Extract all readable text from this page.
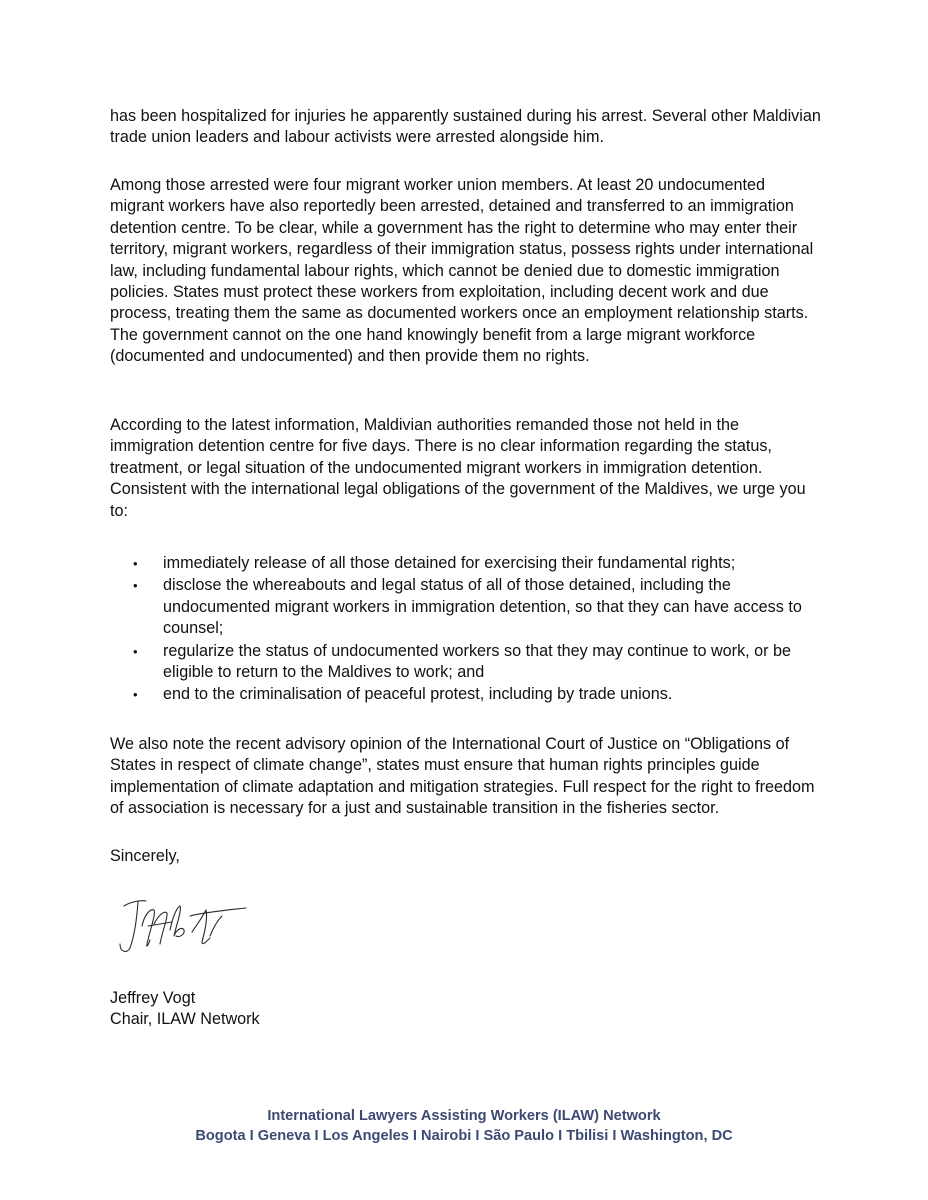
has been hospitalized for injuries he apparently sustained during his arrest. Several other Maldivian trade union leaders and labour activists were arrested alongside him.

Among those arrested were four migrant worker union members. At least 20 undocumented migrant workers have also reportedly been arrested, detained and transferred to an immigration detention centre. To be clear, while a government has the right to determine who may enter their territory, migrant workers, regardless of their immigration status, possess rights under international law, including fundamental labour rights, which cannot be denied due to domestic immigration policies. States must protect these workers from exploitation, including decent work and due process, treating them the same as documented workers once an employment relationship starts. The government cannot on the one hand knowingly benefit from a large migrant workforce (documented and undocumented) and then provide them no rights.

According to the latest information, Maldivian authorities remanded those not held in the immigration detention centre for five days. There is no clear information regarding the status, treatment, or legal situation of the undocumented migrant workers in immigration detention. Consistent with the international legal obligations of the government of the Maldives, we urge you to:

• immediately release of all those detained for exercising their fundamental rights;
• disclose the whereabouts and legal status of all of those detained, including the undocumented migrant workers in immigration detention, so that they can have access to counsel;
• regularize the status of undocumented workers so that they may continue to work, or be eligible to return to the Maldives to work; and
• end to the criminalisation of peaceful protest, including by trade unions.

We also note the recent advisory opinion of the International Court of Justice on “Obligations of States in respect of climate change”, states must ensure that human rights principles guide implementation of climate adaptation and mitigation strategies. Full respect for the right to freedom of association is necessary for a just and sustainable transition in the fisheries sector.

Sincerely,

Jeffrey Vogt

Chair, ILAW Network

International Lawyers Assisting Workers (ILAW) Network
Bogota I Geneva I Los Angeles I Nairobi I São Paulo I Tbilisi I Washington, DC
